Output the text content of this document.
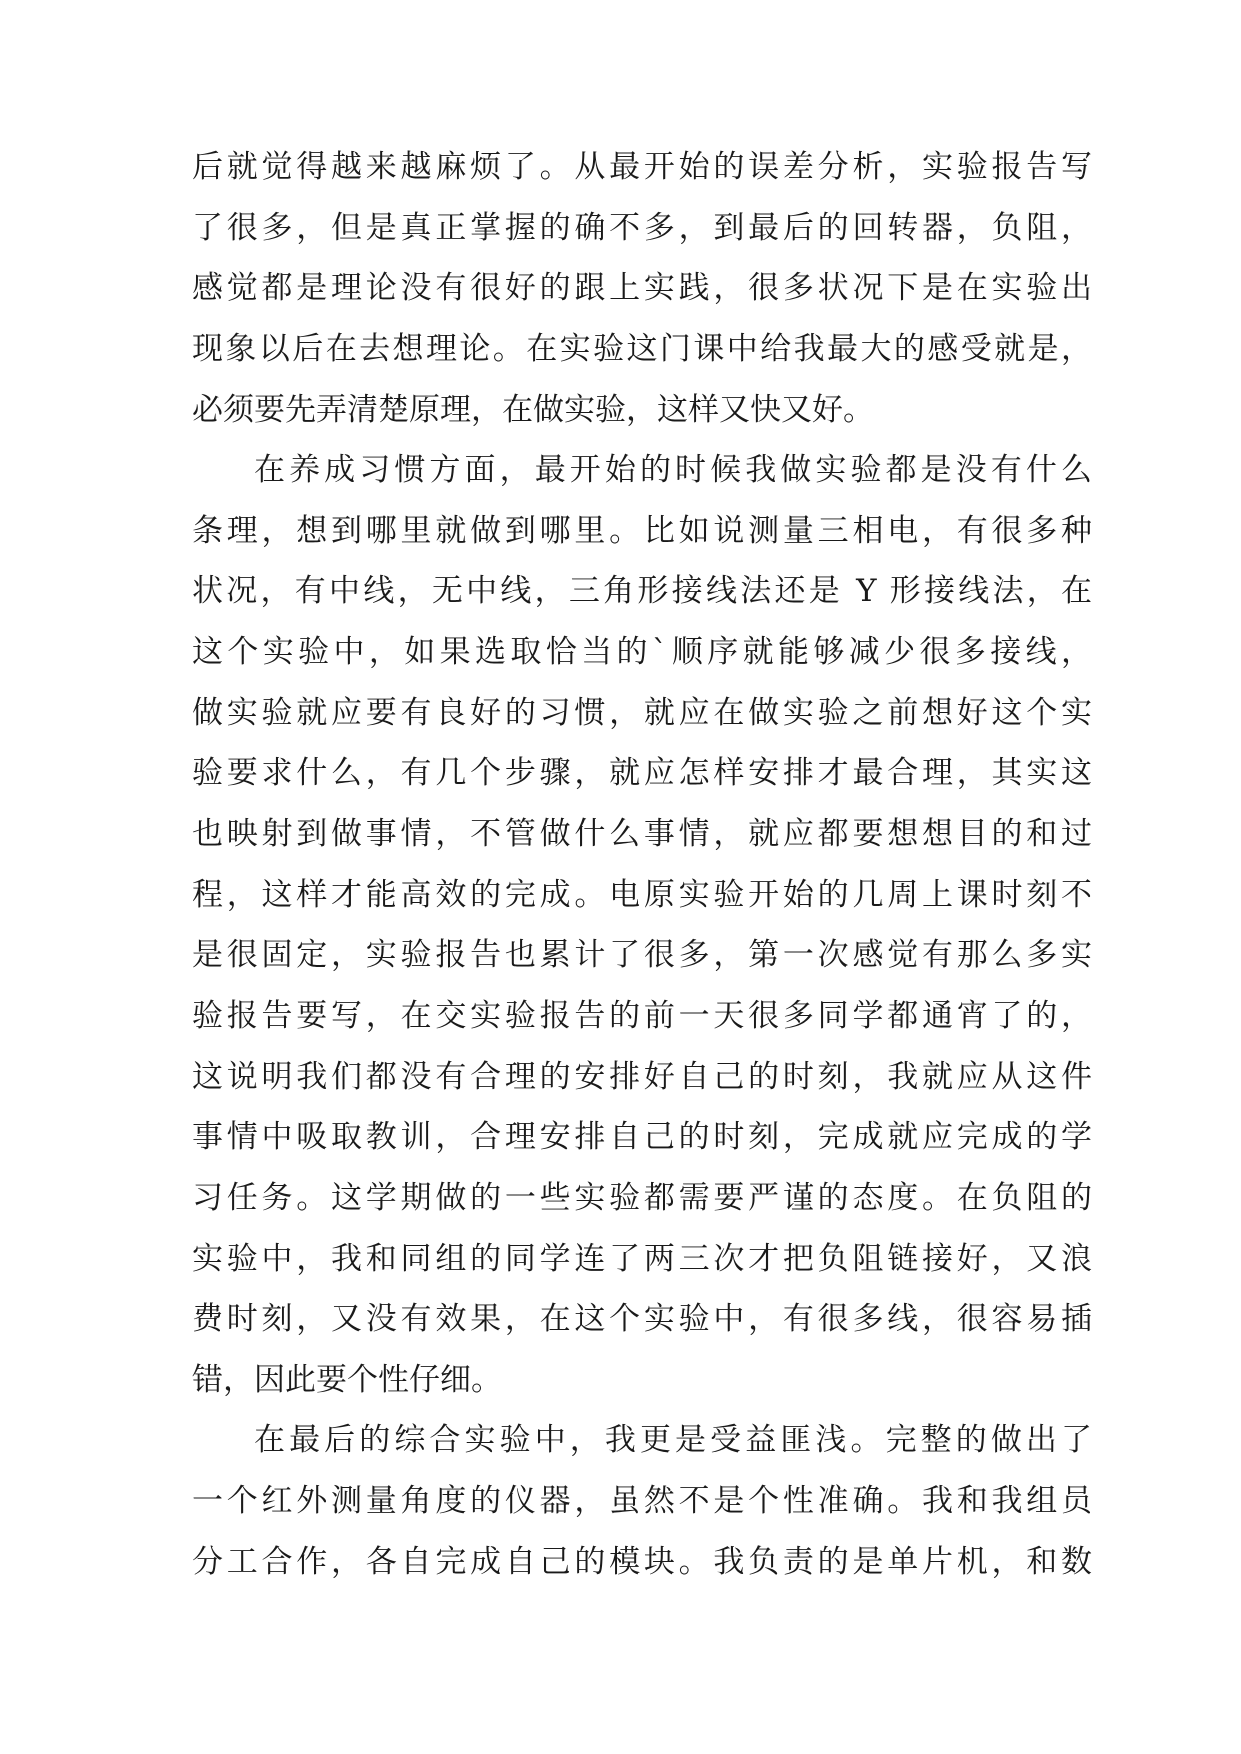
后就觉得越来越麻烦了。从最开始的误差分析，实验报告写
了很多，但是真正掌握的确不多，到最后的回转器，负阻，
感觉都是理论没有很好的跟上实践，很多状况下是在实验出
现象以后在去想理论。在实验这门课中给我最大的感受就是，
必须要先弄清楚原理，在做实验，这样又快又好。
在养成习惯方面，最开始的时候我做实验都是没有什么
条理，想到哪里就做到哪里。比如说测量三相电，有很多种
状况，有中线，无中线，三角形接线法还是 Y 形接线法，在
这个实验中，如果选取恰当的`顺序就能够减少很多接线，
做实验就应要有良好的习惯，就应在做实验之前想好这个实
验要求什么，有几个步骤，就应怎样安排才最合理，其实这
也映射到做事情，不管做什么事情，就应都要想想目的和过
程，这样才能高效的完成。电原实验开始的几周上课时刻不
是很固定，实验报告也累计了很多，第一次感觉有那么多实
验报告要写，在交实验报告的前一天很多同学都通宵了的，
这说明我们都没有合理的安排好自己的时刻，我就应从这件
事情中吸取教训，合理安排自己的时刻，完成就应完成的学
习任务。这学期做的一些实验都需要严谨的态度。在负阻的
实验中，我和同组的同学连了两三次才把负阻链接好，又浪
费时刻，又没有效果，在这个实验中，有很多线，很容易插
错，因此要个性仔细。
在最后的综合实验中，我更是受益匪浅。完整的做出了
一个红外测量角度的仪器，虽然不是个性准确。我和我组员
分工合作，各自完成自己的模块。我负责的是单片机，和数
